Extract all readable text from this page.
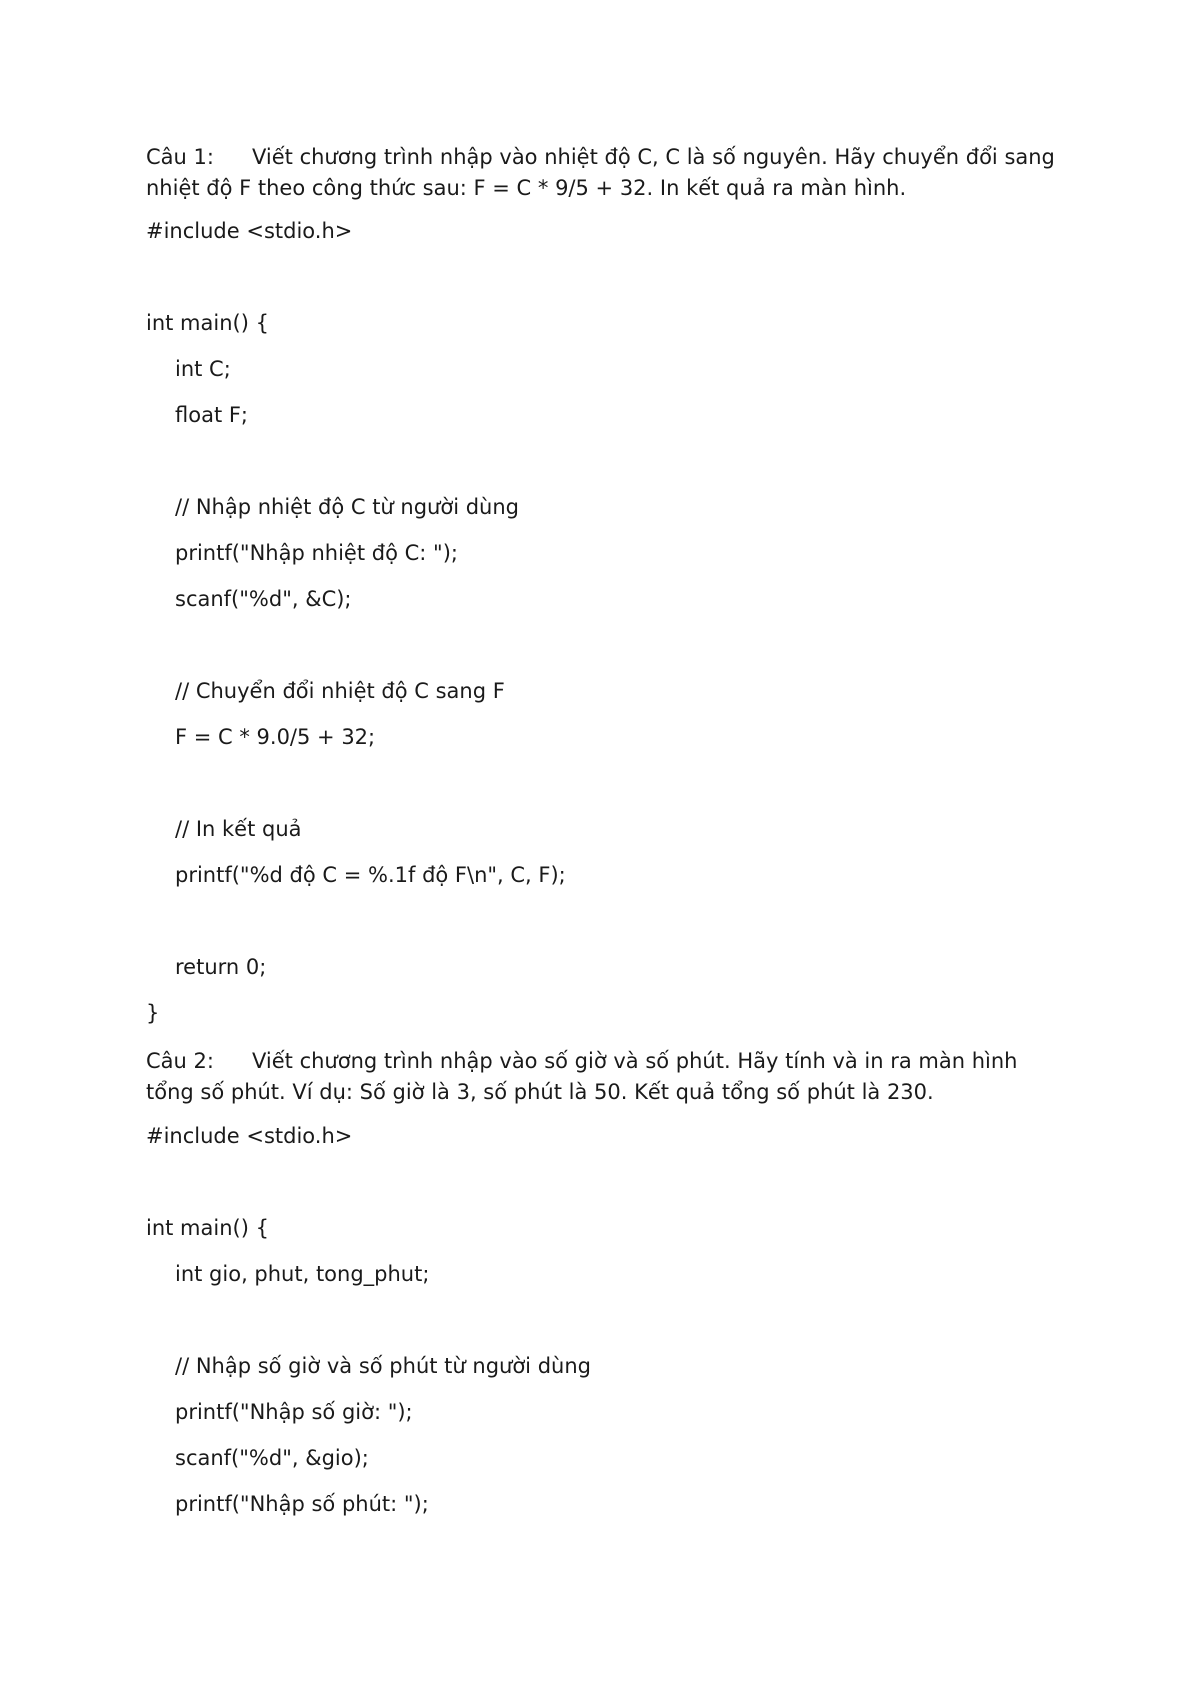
Câu 1: Viết chương trình nhập vào nhiệt độ C, C là số nguyên. Hãy chuyển đổi sang nhiệt độ F theo công thức sau: F = C * 9/5 + 32. In kết quả ra màn hình.

#include <stdio.h>
int main() {
int C;
float F;
// Nhập nhiệt độ C từ người dùng
printf("Nhập nhiệt độ C: ");
scanf("%d", &C);
// Chuyển đổi nhiệt độ C sang F
F = C * 9.0/5 + 32;
// In kết quả
printf("%d độ C = %.1f độ F\n", C, F);
return 0;
}

Câu 2: Viết chương trình nhập vào số giờ và số phút. Hãy tính và in ra màn hình tổng số phút. Ví dụ: Số giờ là 3, số phút là 50. Kết quả tổng số phút là 230.

#include <stdio.h>
int main() {
int gio, phut, tong_phut;
// Nhập số giờ và số phút từ người dùng
printf("Nhập số giờ: ");
scanf("%d", &gio);
printf("Nhập số phút: ");
